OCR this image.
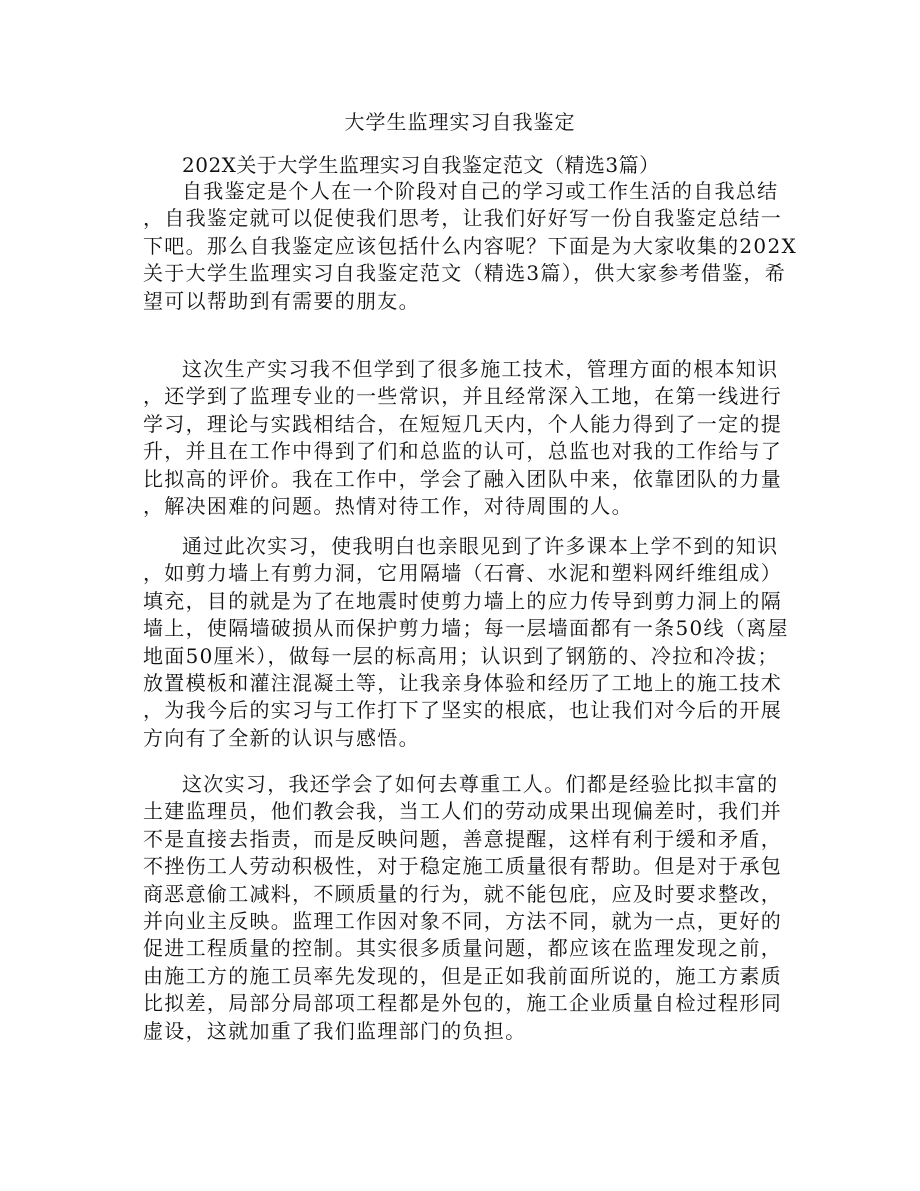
大学生监理实习自我鉴定
202X关于大学生监理实习自我鉴定范文（精选3篇）
自我鉴定是个人在一个阶段对自己的学习或工作生活的自我总结
，自我鉴定就可以促使我们思考，让我们好好写一份自我鉴定总结一
下吧。那么自我鉴定应该包括什么内容呢？下面是为大家收集的202X
关于大学生监理实习自我鉴定范文（精选3篇），供大家参考借鉴，希
望可以帮助到有需要的朋友。
这次生产实习我不但学到了很多施工技术，管理方面的根本知识
，还学到了监理专业的一些常识，并且经常深入工地，在第一线进行
学习，理论与实践相结合，在短短几天内，个人能力得到了一定的提
升，并且在工作中得到了们和总监的认可，总监也对我的工作给与了
比拟高的评价。我在工作中，学会了融入团队中来，依靠团队的力量
，解决困难的问题。热情对待工作，对待周围的人。
通过此次实习，使我明白也亲眼见到了许多课本上学不到的知识
，如剪力墙上有剪力洞，它用隔墙（石膏、水泥和塑料网纤维组成）
填充，目的就是为了在地震时使剪力墙上的应力传导到剪力洞上的隔
墙上，使隔墙破损从而保护剪力墙；每一层墙面都有一条50线（离屋
地面50厘米），做每一层的标高用；认识到了钢筋的、冷拉和冷拔；
放置模板和灌注混凝土等，让我亲身体验和经历了工地上的施工技术
，为我今后的实习与工作打下了坚实的根底，也让我们对今后的开展
方向有了全新的认识与感悟。
这次实习，我还学会了如何去尊重工人。们都是经验比拟丰富的
土建监理员，他们教会我，当工人们的劳动成果出现偏差时，我们并
不是直接去指责，而是反映问题，善意提醒，这样有利于缓和矛盾，
不挫伤工人劳动积极性，对于稳定施工质量很有帮助。但是对于承包
商恶意偷工减料，不顾质量的行为，就不能包庇，应及时要求整改，
并向业主反映。监理工作因对象不同，方法不同，就为一点，更好的
促进工程质量的控制。其实很多质量问题，都应该在监理发现之前，
由施工方的施工员率先发现的，但是正如我前面所说的，施工方素质
比拟差，局部分局部项工程都是外包的，施工企业质量自检过程形同
虚设，这就加重了我们监理部门的负担。
